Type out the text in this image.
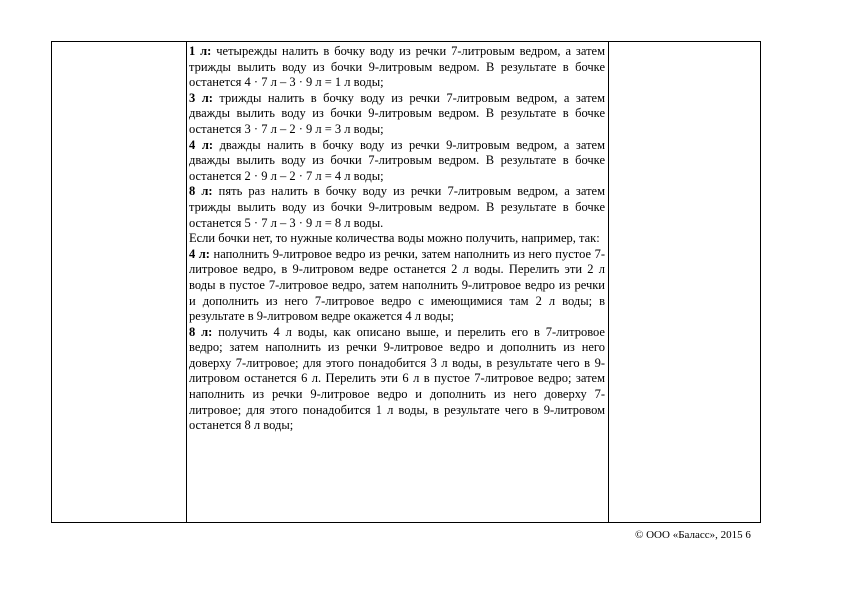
1 л: четырежды налить в бочку воду из речки 7-литровым ведром, а затем трижды вылить воду из бочки 9-литровым ведром. В результате в бочке останется 4 · 7 л – 3 · 9 л = 1 л воды;

3 л: трижды налить в бочку воду из речки 7-литровым ведром, а затем дважды вылить воду из бочки 9-литровым ведром. В результате в бочке останется 3 · 7 л – 2 · 9 л = 3 л воды;

4 л: дважды налить в бочку воду из речки 9-литровым ведром, а затем дважды вылить воду из бочки 7-литровым ведром. В результате в бочке останется 2 · 9 л – 2 · 7 л = 4 л воды;

8 л: пять раз налить в бочку воду из речки 7-литровым ведром, а затем трижды вылить воду из бочки 9-литровым ведром. В результате в бочке останется 5 · 7 л – 3 · 9 л = 8 л воды.

Если бочки нет, то нужные количества воды можно получить, например, так:

4 л: наполнить 9-литровое ведро из речки, затем наполнить из него пустое 7-литровое ведро, в 9-литровом ведре останется 2 л воды. Перелить эти 2 л воды в пустое 7-литровое ведро, затем наполнить 9-литровое ведро из речки и дополнить из него 7-литровое ведро с имеющимися там 2 л воды; в результате в 9-литровом ведре окажется 4 л воды;

8 л: получить 4 л воды, как описано выше, и перелить его в 7-литровое ведро; затем наполнить из речки 9-литровое ведро и дополнить из него доверху 7-литровое; для этого понадобится 3 л воды, в результате чего в 9-литровом останется 6 л. Перелить эти 6 л в пустое 7-литровое ведро; затем наполнить из речки 9-литровое ведро и дополнить из него доверху 7-литровое; для этого понадобится 1 л воды, в результате чего в 9-литровом останется 8 л воды;

© ООО «Баласс», 2015 6
